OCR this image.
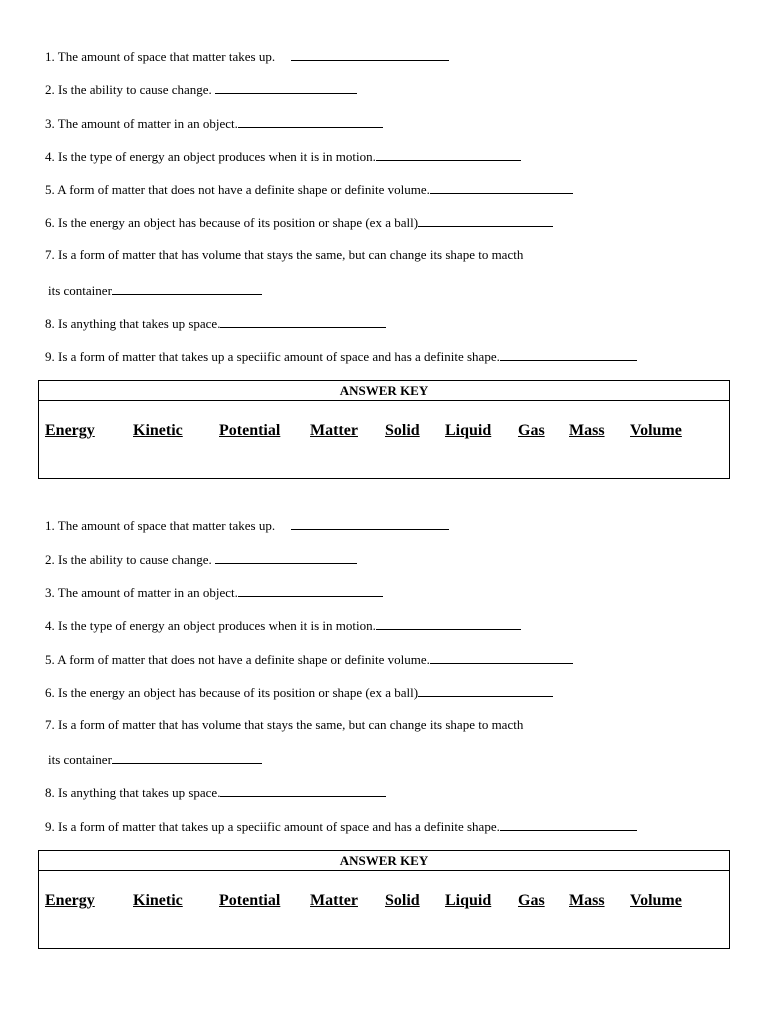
1. The amount of space that matter takes up.
2. Is the ability to cause change.
3. The amount of matter in an object.
4. Is the type of energy an object produces when it is in motion.
5. A form of matter that does not have a definite shape or definite volume.
6. Is the energy an object has because of its position or shape (ex a ball)
7. Is a form of matter that has volume that stays the same, but can change its shape to macth
its container
8. Is anything that takes up space.
9. Is a form of matter that takes up a speciific amount of space and has a definite shape.
ANSWER KEY
Energy Kinetic Potential Matter Solid Liquid Gas Mass Volume
1. The amount of space that matter takes up.
2. Is the ability to cause change.
3. The amount of matter in an object.
4. Is the type of energy an object produces when it is in motion.
5. A form of matter that does not have a definite shape or definite volume.
6. Is the energy an object has because of its position or shape (ex a ball)
7. Is a form of matter that has volume that stays the same, but can change its shape to macth
its container
8. Is anything that takes up space.
9. Is a form of matter that takes up a speciific amount of space and has a definite shape.
ANSWER KEY
Energy Kinetic Potential Matter Solid Liquid Gas Mass Volume
